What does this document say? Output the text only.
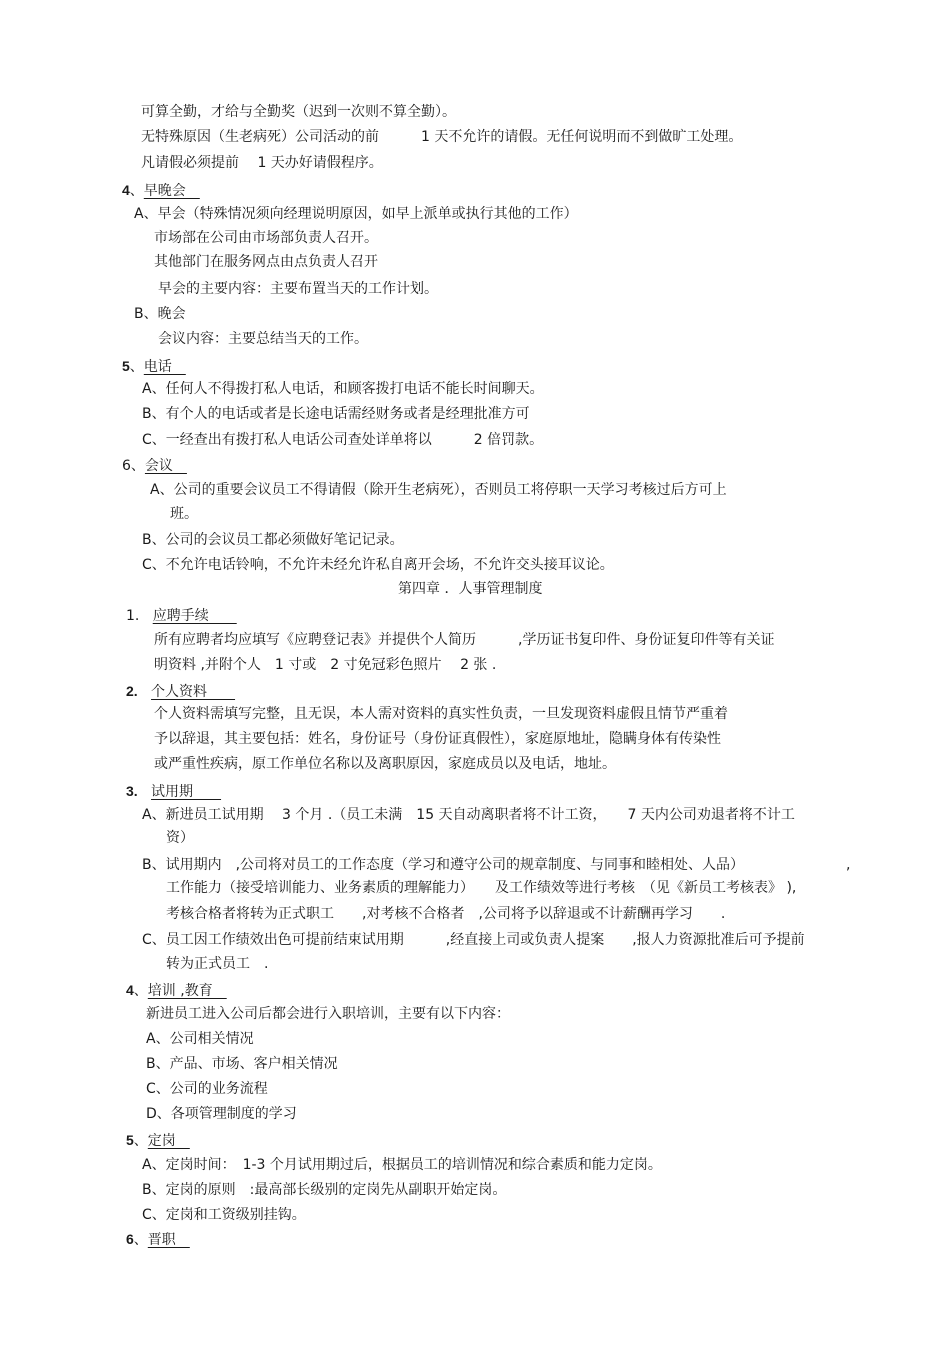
可算全勤，才给与全勤奖（迟到一次则不算全勤）。
无特殊原因（生老病死）公司活动的前　　　1 天不允许的请假。无任何说明而不到做旷工处理。
凡请假必须提前　 1 天办好请假程序。
4、早晚会　
A、早会（特殊情况须向经理说明原因，如早上派单或执行其他的工作）
市场部在公司由市场部负责人召开。
其他部门在服务网点由点负责人召开
早会的主要内容：主要布置当天的工作计划。
B、晚会
会议内容：主要总结当天的工作。
5、电话　
A、任何人不得拨打私人电话，和顾客拨打电话不能长时间聊天。
B、有个人的电话或者是长途电话需经财务或者是经理批准方可
C、一经查出有拨打私人电话公司查处详单将以　　　2 倍罚款。
6、会议　
A、公司的重要会议员工不得请假（除开生老病死），否则员工将停职一天学习考核过后方可上
班。
B、公司的会议员工都必须做好笔记记录。
C、不允许电话铃响，不允许未经允许私自离开会场，不允许交头接耳议论。
第四章 ．人事管理制度
1. 应聘手续　　
所有应聘者均应填写《应聘登记表》并提供个人简历　　　,学历证书复印件、身份证复印件等有关证
明资料 ,并附个人　1 寸或　2 寸免冠彩色照片　 2 张 .
2. 个人资料　　
个人资料需填写完整，且无误，本人需对资料的真实性负责，一旦发现资料虚假且情节严重着
予以辞退，其主要包括：姓名，身份证号（身份证真假性），家庭原地址，隐瞒身体有传染性
或严重性疾病，原工作单位名称以及离职原因，家庭成员以及电话，地址。
3. 试用期　　
A、新进员工试用期　 3 个月 .（员工未满　15 天自动离职者将不计工资，　　7 天内公司劝退者将不计工
资）
B、试用期内　,公司将对员工的工作态度（学习和遵守公司的规章制度、与同事和睦相处、人品）	,
工作能力（接受培训能力、业务素质的理解能力）　　及工作绩效等进行考核　（见《新员工考核表》 ),
考核合格者将转为正式职工　　,对考核不合格者　,公司将予以辞退或不计薪酬再学习　　.
C、员工因工作绩效出色可提前结束试用期　　　,经直接上司或负责人提案　　,报人力资源批准后可予提前
转为正式员工　.
4、培训 ,教育　
新进员工进入公司后都会进行入职培训，主要有以下内容：
A、公司相关情况
B、产品、市场、客户相关情况
C、公司的业务流程
D、各项管理制度的学习
5、定岗　
A、定岗时间：　1-3 个月试用期过后，根据员工的培训情况和综合素质和能力定岗。
B、定岗的原则　:最高部长级别的定岗先从副职开始定岗。
C、定岗和工资级别挂钩。
6、晋职　
